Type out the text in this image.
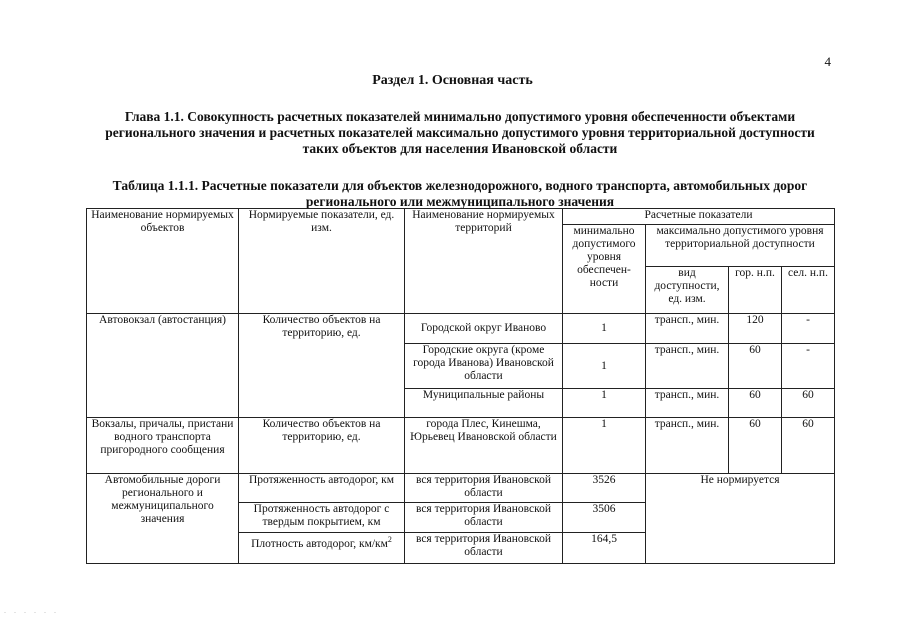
4
Раздел 1. Основная часть
Глава 1.1. Совокупность расчетных показателей минимально допустимого уровня обеспеченности объектами регионального значения и расчетных показателей максимально допустимого уровня территориальной доступности таких объектов для населения Ивановской области
Таблица 1.1.1. Расчетные показатели для объектов железнодорожного, водного транспорта, автомобильных дорог регионального или межмуниципального значения
Наименование нормируемых объектов	Нормируемые показатели, ед. изм.	Наименование нормируемых территорий	Расчетные показатели			
			минимально допустимого уровня обеспечен-ности	максимально допустимого уровня территориальной доступности		
				вид доступности, ед. изм.	гор. н.п.	сел. н.п.
Автовокзал (автостанция)	Количество объектов на территорию, ед.	Городской округ Иваново	1	трансп., мин.	120	-
		Городские округа (кроме города Иванова) Ивановской области	1	трансп., мин.	60	-
		Муниципальные районы	1	трансп., мин.	60	60
Вокзалы, причалы, пристани водного транспорта пригородного сообщения	Количество объектов на территорию, ед.	города Плес, Кинешма, Юрьевец Ивановской области	1	трансп., мин.	60	60
Автомобильные дороги регионального и межмуниципального значения	Протяженность автодорог, км	вся территория Ивановской области	3526	Не нормируется		
	Протяженность автодорог с твердым покрытием, км	вся территория Ивановской области	3506			
	Плотность автодорог, $км/км^2$	вся территория Ивановской области	164,5			
. . . . . .
